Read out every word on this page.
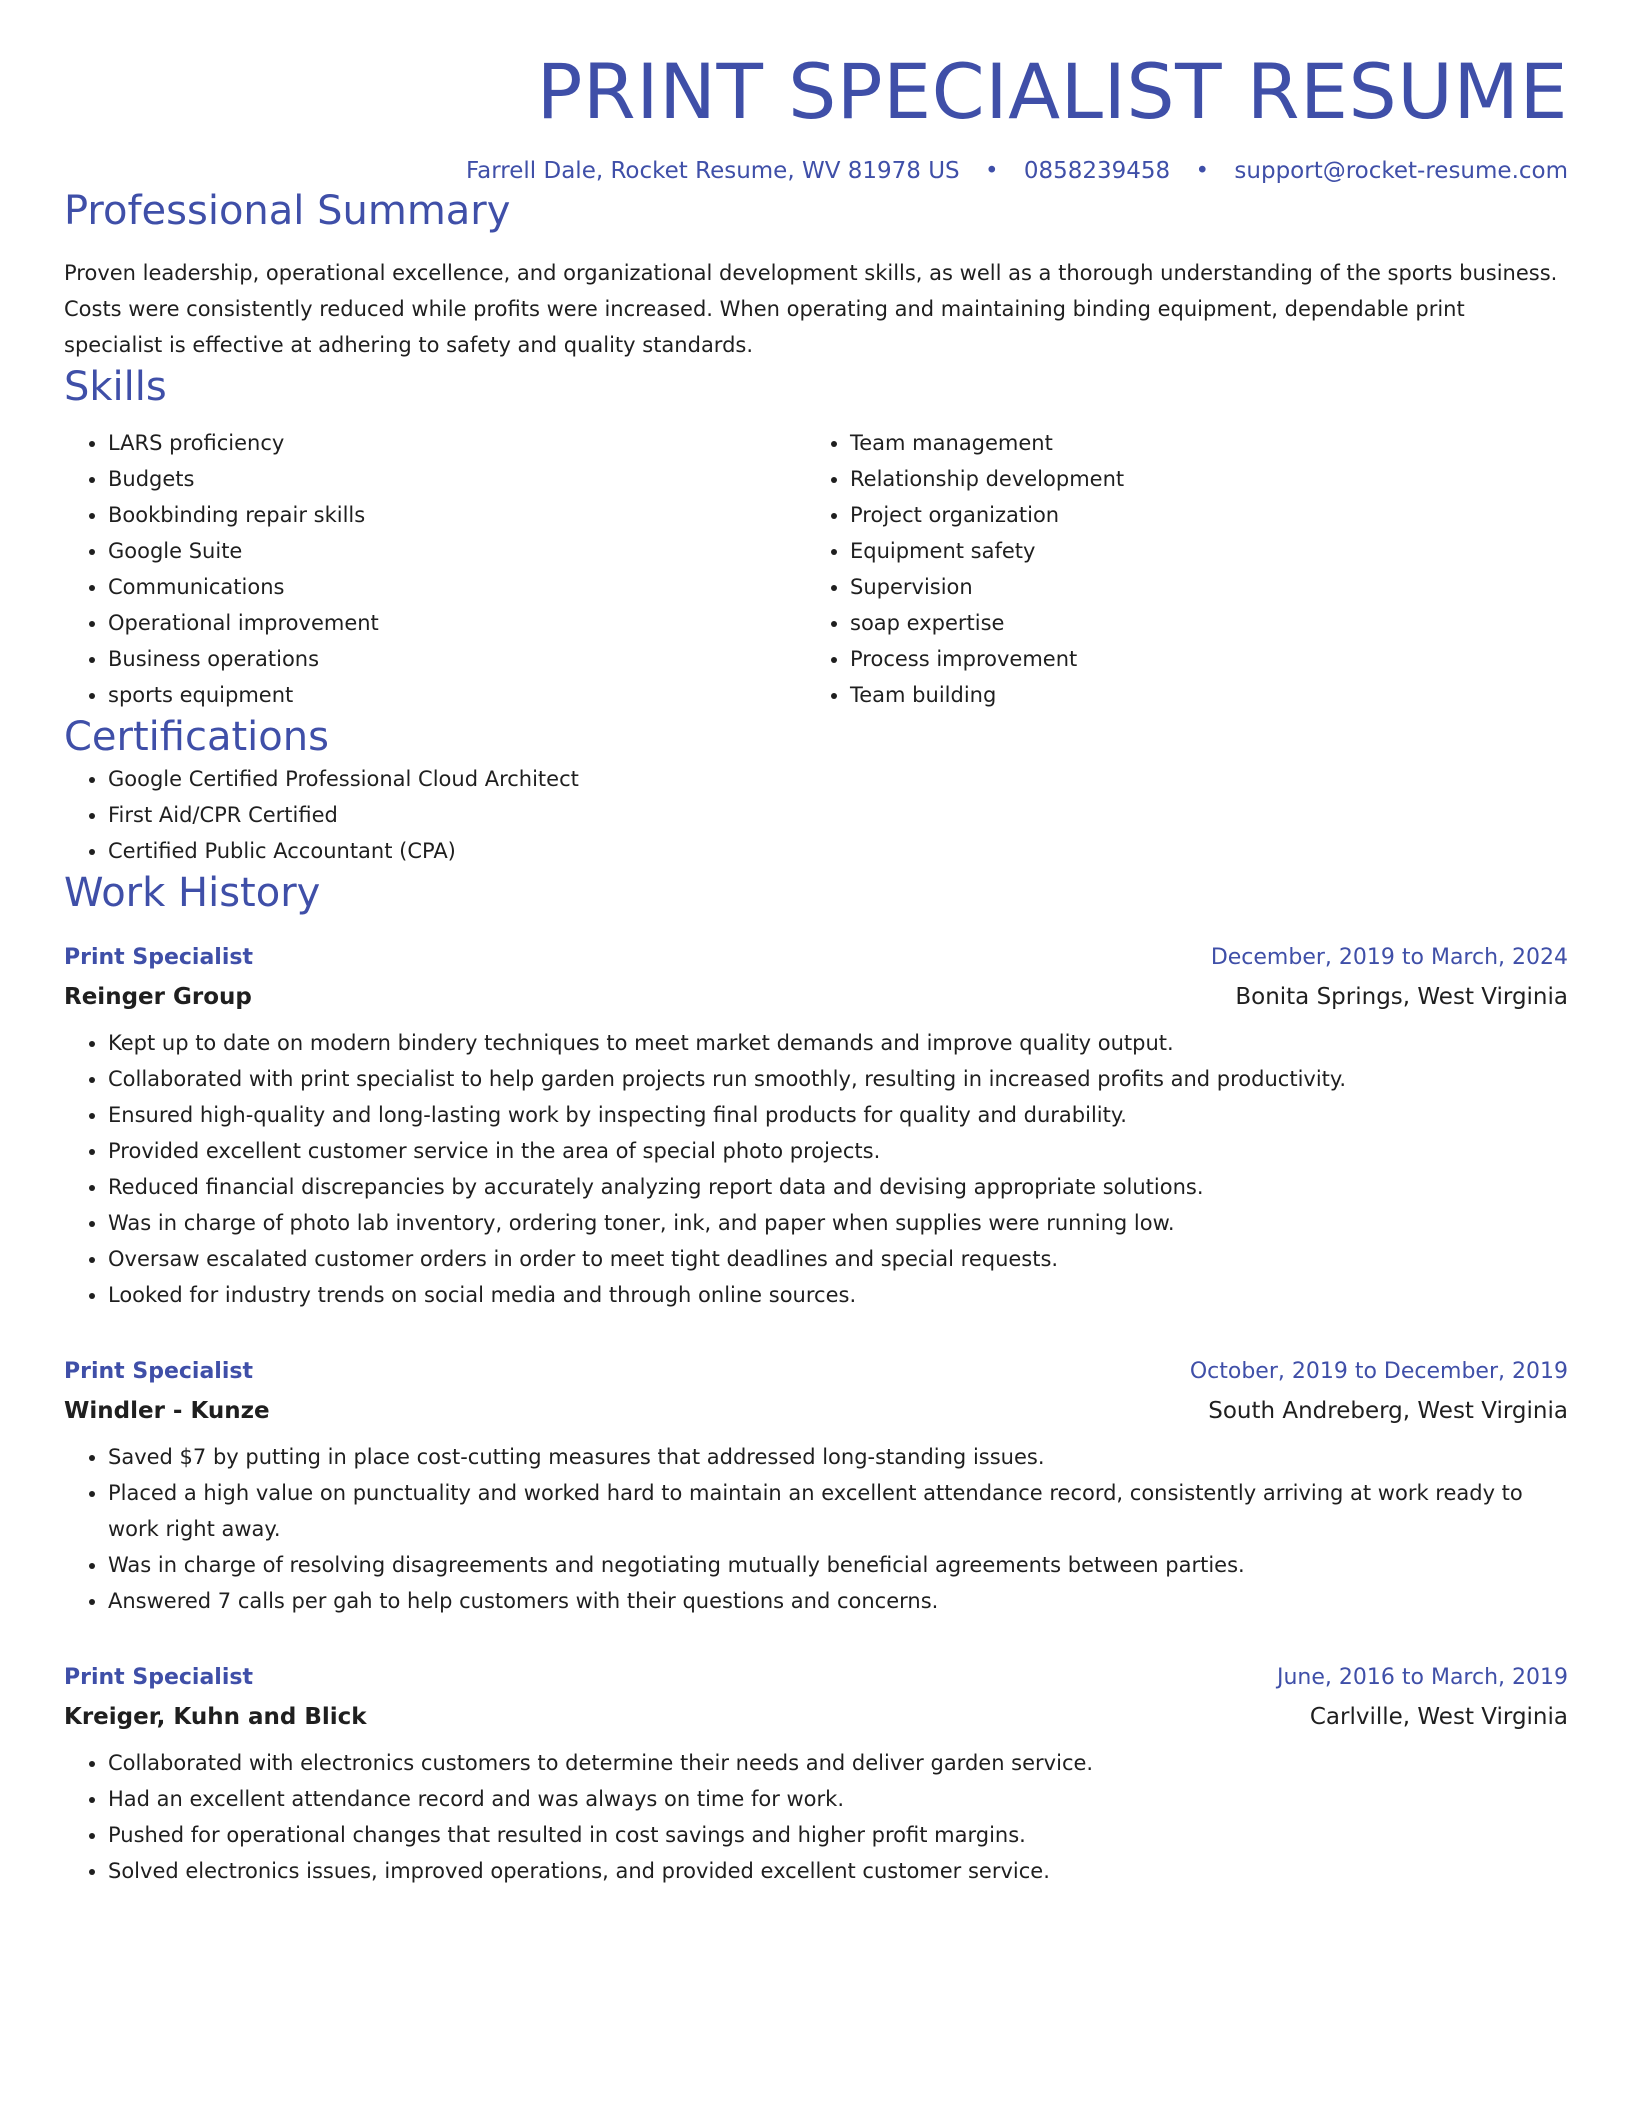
PRINT SPECIALIST RESUME
Farrell Dale, Rocket Resume, WV 81978 US • 0858239458 • support@rocket-resume.com
Professional Summary

Proven leadership, operational excellence, and organizational development skills, as well as a thorough understanding of the sports business. Costs were consistently reduced while profits were increased. When operating and maintaining binding equipment, dependable print specialist is effective at adhering to safety and quality standards.

Skills
• LARS proficiency
• Budgets
• Bookbinding repair skills
• Google Suite
• Communications
• Operational improvement
• Business operations
• sports equipment
• Team management
• Relationship development
• Project organization
• Equipment safety
• Supervision
• soap expertise
• Process improvement
• Team building
Certifications
• Google Certified Professional Cloud Architect
• First Aid/CPR Certified
• Certified Public Accountant (CPA)
Work History
Print Specialist	December, 2019 to March, 2024
Reinger Group	Bonita Springs, West Virginia
• Kept up to date on modern bindery techniques to meet market demands and improve quality output.
• Collaborated with print specialist to help garden projects run smoothly, resulting in increased profits and productivity.
• Ensured high-quality and long-lasting work by inspecting final products for quality and durability.
• Provided excellent customer service in the area of special photo projects.
• Reduced financial discrepancies by accurately analyzing report data and devising appropriate solutions.
• Was in charge of photo lab inventory, ordering toner, ink, and paper when supplies were running low.
• Oversaw escalated customer orders in order to meet tight deadlines and special requests.
• Looked for industry trends on social media and through online sources.
Print Specialist	October, 2019 to December, 2019
Windler - Kunze	South Andreberg, West Virginia
• Saved $7 by putting in place cost-cutting measures that addressed long-standing issues.
• Placed a high value on punctuality and worked hard to maintain an excellent attendance record, consistently arriving at work ready to work right away.
• Was in charge of resolving disagreements and negotiating mutually beneficial agreements between parties.
• Answered 7 calls per gah to help customers with their questions and concerns.
Print Specialist	June, 2016 to March, 2019
Kreiger, Kuhn and Blick	Carlville, West Virginia
• Collaborated with electronics customers to determine their needs and deliver garden service.
• Had an excellent attendance record and was always on time for work.
• Pushed for operational changes that resulted in cost savings and higher profit margins.
• Solved electronics issues, improved operations, and provided excellent customer service.
